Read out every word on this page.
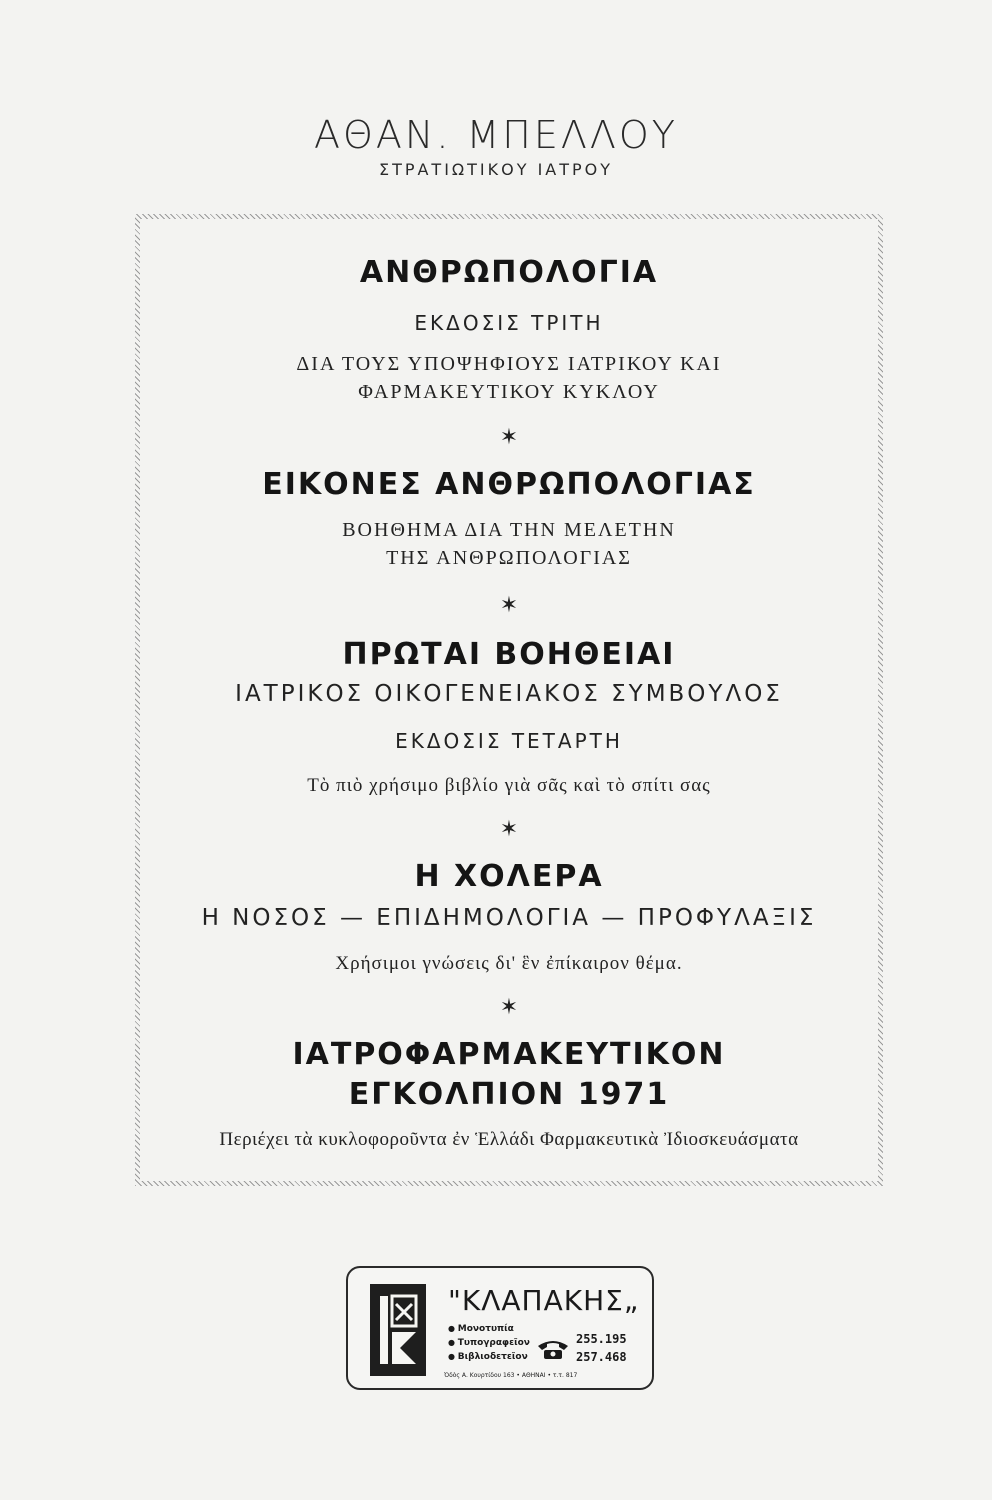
ΑΘΑΝ. ΜΠΕΛΛΟΥ
ΣΤΡΑΤΙΩΤΙΚΟΥ ΙΑΤΡΟΥ
ΑΝΘΡΩΠΟΛΟΓΙΑ
ΕΚΔΟΣΙΣ ΤΡΙΤΗ
ΔΙΑ ΤΟΥΣ ΥΠΟΨΗΦΙΟΥΣ ΙΑΤΡΙΚΟΥ ΚΑΙ
ΦΑΡΜΑΚΕΥΤΙΚΟΥ ΚΥΚΛΟΥ
✶
ΕΙΚΟΝΕΣ ΑΝΘΡΩΠΟΛΟΓΙΑΣ
ΒΟΗΘΗΜΑ ΔΙΑ ΤΗΝ ΜΕΛΕΤΗΝ
ΤΗΣ ΑΝΘΡΩΠΟΛΟΓΙΑΣ
✶
ΠΡΩΤΑΙ ΒΟΗΘΕΙΑΙ
ΙΑΤΡΙΚΟΣ ΟΙΚΟΓΕΝΕΙΑΚΟΣ ΣΥΜΒΟΥΛΟΣ
ΕΚΔΟΣΙΣ ΤΕΤΑΡΤΗ
Τὸ πιὸ χρήσιμο βιβλίο γιὰ σᾶς καὶ τὸ σπίτι σας
✶
Η ΧΟΛΕΡΑ
Η ΝΟΣΟΣ — ΕΠΙΔΗΜΟΛΟΓΙΑ — ΠΡΟΦΥΛΑΞΙΣ
Χρήσιμοι γνώσεις δι' ἓν ἐπίκαιρον θέμα.
✶
ΙΑΤΡΟΦΑΡΜΑΚΕΥΤΙΚΟΝ
ΕΓΚΟΛΠΙΟΝ 1971
Περιέχει τὰ κυκλοφοροῦντα ἐν Ἑλλάδι Φαρμακευτικὰ Ἰδιοσκευάσματα
"ΚΛΑΠΑΚΗΣ„
● Μονοτυπία
● Τυπογραφεῖον
● Βιβλιοδετεῖον
255.195
257.468
Ὁδὸς Α. Κουρτίδου 163 • ΑΘΗΝΑΙ • τ.τ. 817
